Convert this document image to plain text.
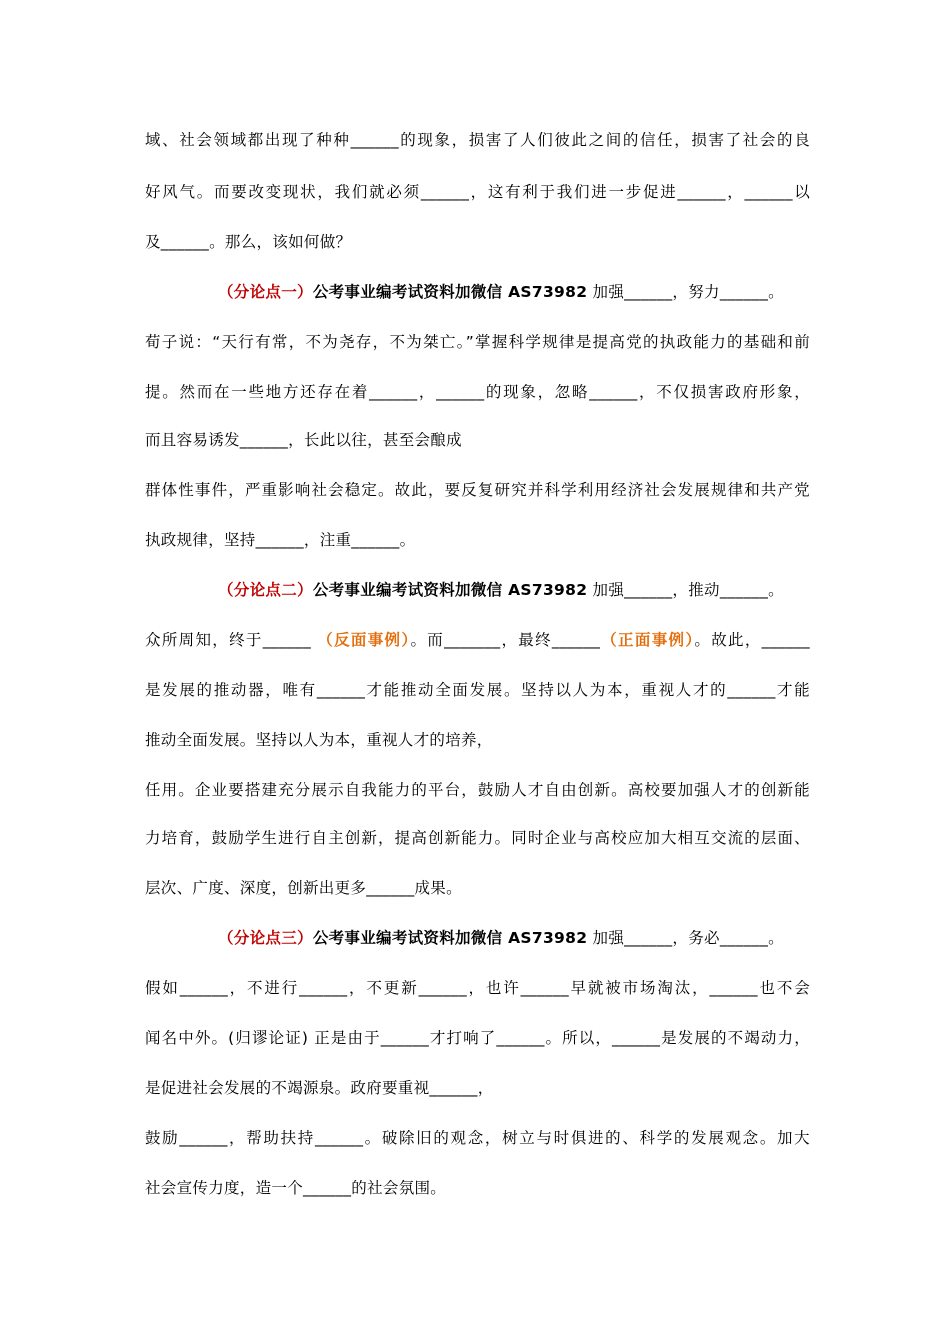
域、社会领域都出现了种种______的现象，损害了人们彼此之间的信任，损害了社会的良
好风气。而要改变现状，我们就必须______，这有利于我们进一步促进______，______以
及______。那么，该如何做？
（分论点一）公考事业编考试资料加微信 AS73982 加强______，努力______。
荀子说：“天行有常，不为尧存，不为桀亡。”掌握科学规律是提高党的执政能力的基础和前
提。然而在一些地方还存在着______，______的现象，忽略______，不仅损害政府形象，
而且容易诱发______，长此以往，甚至会酿成
群体性事件，严重影响社会稳定。故此，要反复研究并科学利用经济社会发展规律和共产党
执政规律，坚持______，注重______。
（分论点二）公考事业编考试资料加微信 AS73982 加强______，推动______。
众所周知，终于______ （反面事例）。而_______，最终______（正面事例）。故此，______
是发展的推动器，唯有______才能推动全面发展。坚持以人为本，重视人才的______才能
推动全面发展。坚持以人为本，重视人才的培养，
任用。企业要搭建充分展示自我能力的平台，鼓励人才自由创新。高校要加强人才的创新能
力培育，鼓励学生进行自主创新，提高创新能力。同时企业与高校应加大相互交流的层面、
层次、广度、深度，创新出更多______成果。
（分论点三）公考事业编考试资料加微信 AS73982 加强______，务必______。
假如______，不进行______，不更新______，也许______早就被市场淘汰，______也不会
闻名中外。(归谬论证) 正是由于______才打响了______。所以，______是发展的不竭动力，
是促进社会发展的不竭源泉。政府要重视______，
鼓励______，帮助扶持______。破除旧的观念，树立与时俱进的、科学的发展观念。加大
社会宣传力度，造一个______的社会氛围。
